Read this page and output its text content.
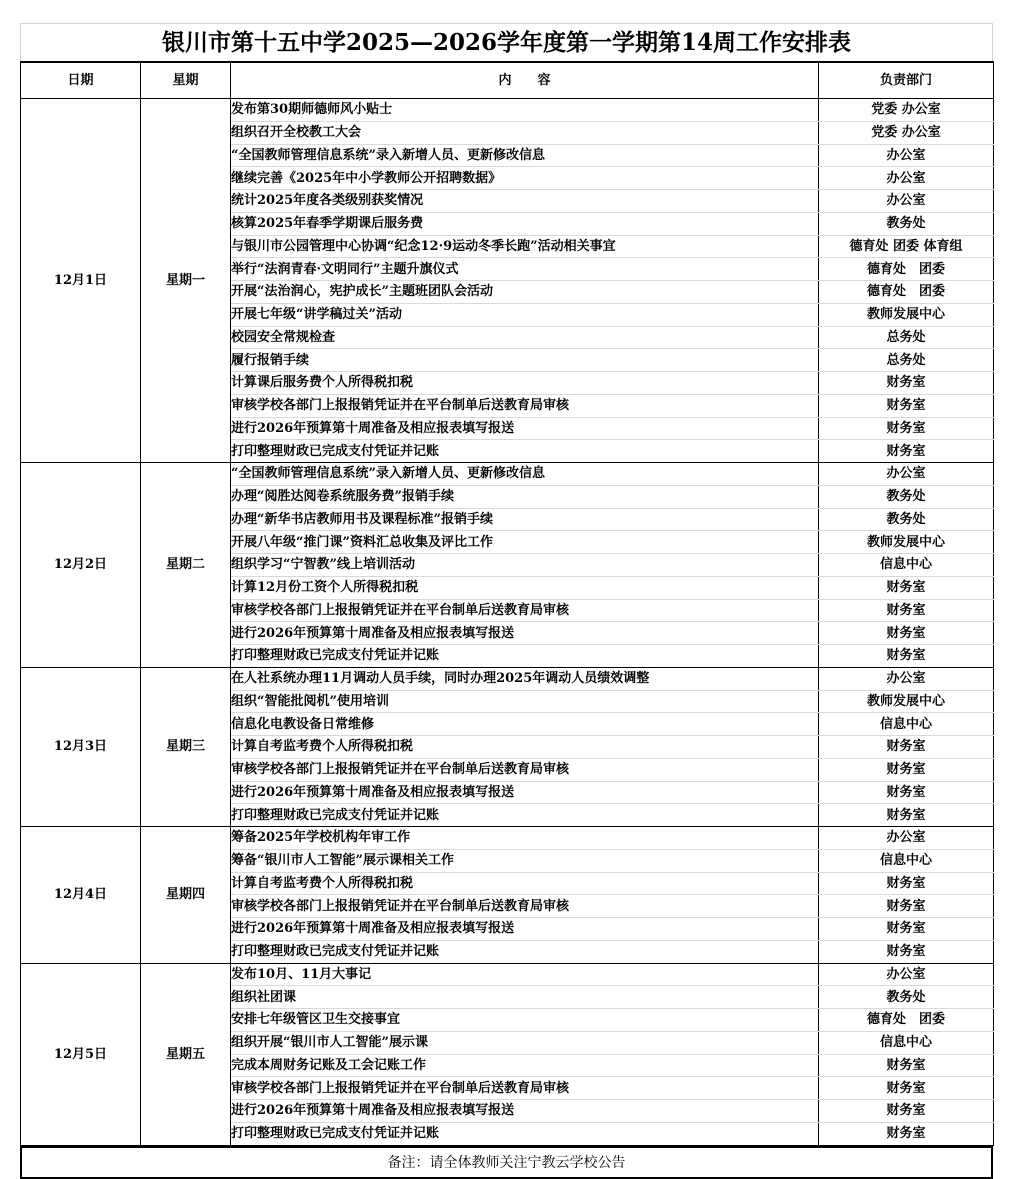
银川市第十五中学2025—2026学年度第一学期第14周工作安排表
日期	星期	内　　容	负责部门
12月1日	星期一	发布第30期师德师风小贴士	党委 办公室
		组织召开全校教工大会	党委 办公室
		“全国教师管理信息系统”录入新增人员、更新修改信息	办公室
		继续完善《2025年中小学教师公开招聘数据》	办公室
		统计2025年度各类级别获奖情况	办公室
		核算2025年春季学期课后服务费	教务处
		与银川市公园管理中心协调“纪念12·9运动冬季长跑”活动相关事宜	德育处 团委 体育组
		举行“法润青春·文明同行”主题升旗仪式	德育处　团委
		开展“法治润心，宪护成长”主题班团队会活动	德育处　团委
		开展七年级“讲学稿过关”活动	教师发展中心
		校园安全常规检查	总务处
		履行报销手续	总务处
		计算课后服务费个人所得税扣税	财务室
		审核学校各部门上报报销凭证并在平台制单后送教育局审核	财务室
		进行2026年预算第十周准备及相应报表填写报送	财务室
		打印整理财政已完成支付凭证并记账	财务室
12月2日	星期二	“全国教师管理信息系统”录入新增人员、更新修改信息	办公室
		办理“阅胜达阅卷系统服务费”报销手续	教务处
		办理“新华书店教师用书及课程标准”报销手续	教务处
		开展八年级“推门课”资料汇总收集及评比工作	教师发展中心
		组织学习“宁智教”线上培训活动	信息中心
		计算12月份工资个人所得税扣税	财务室
		审核学校各部门上报报销凭证并在平台制单后送教育局审核	财务室
		进行2026年预算第十周准备及相应报表填写报送	财务室
		打印整理财政已完成支付凭证并记账	财务室
12月3日	星期三	在人社系统办理11月调动人员手续，同时办理2025年调动人员绩效调整	办公室
		组织“智能批阅机”使用培训	教师发展中心
		信息化电教设备日常维修	信息中心
		计算自考监考费个人所得税扣税	财务室
		审核学校各部门上报报销凭证并在平台制单后送教育局审核	财务室
		进行2026年预算第十周准备及相应报表填写报送	财务室
		打印整理财政已完成支付凭证并记账	财务室
12月4日	星期四	筹备2025年学校机构年审工作	办公室
		筹备“银川市人工智能”展示课相关工作	信息中心
		计算自考监考费个人所得税扣税	财务室
		审核学校各部门上报报销凭证并在平台制单后送教育局审核	财务室
		进行2026年预算第十周准备及相应报表填写报送	财务室
		打印整理财政已完成支付凭证并记账	财务室
12月5日	星期五	发布10月、11月大事记	办公室
		组织社团课	教务处
		安排七年级管区卫生交接事宜	德育处　团委
		组织开展“银川市人工智能”展示课	信息中心
		完成本周财务记账及工会记账工作	财务室
		审核学校各部门上报报销凭证并在平台制单后送教育局审核	财务室
		进行2026年预算第十周准备及相应报表填写报送	财务室
		打印整理财政已完成支付凭证并记账	财务室
备注：请全体教师关注宁教云学校公告
